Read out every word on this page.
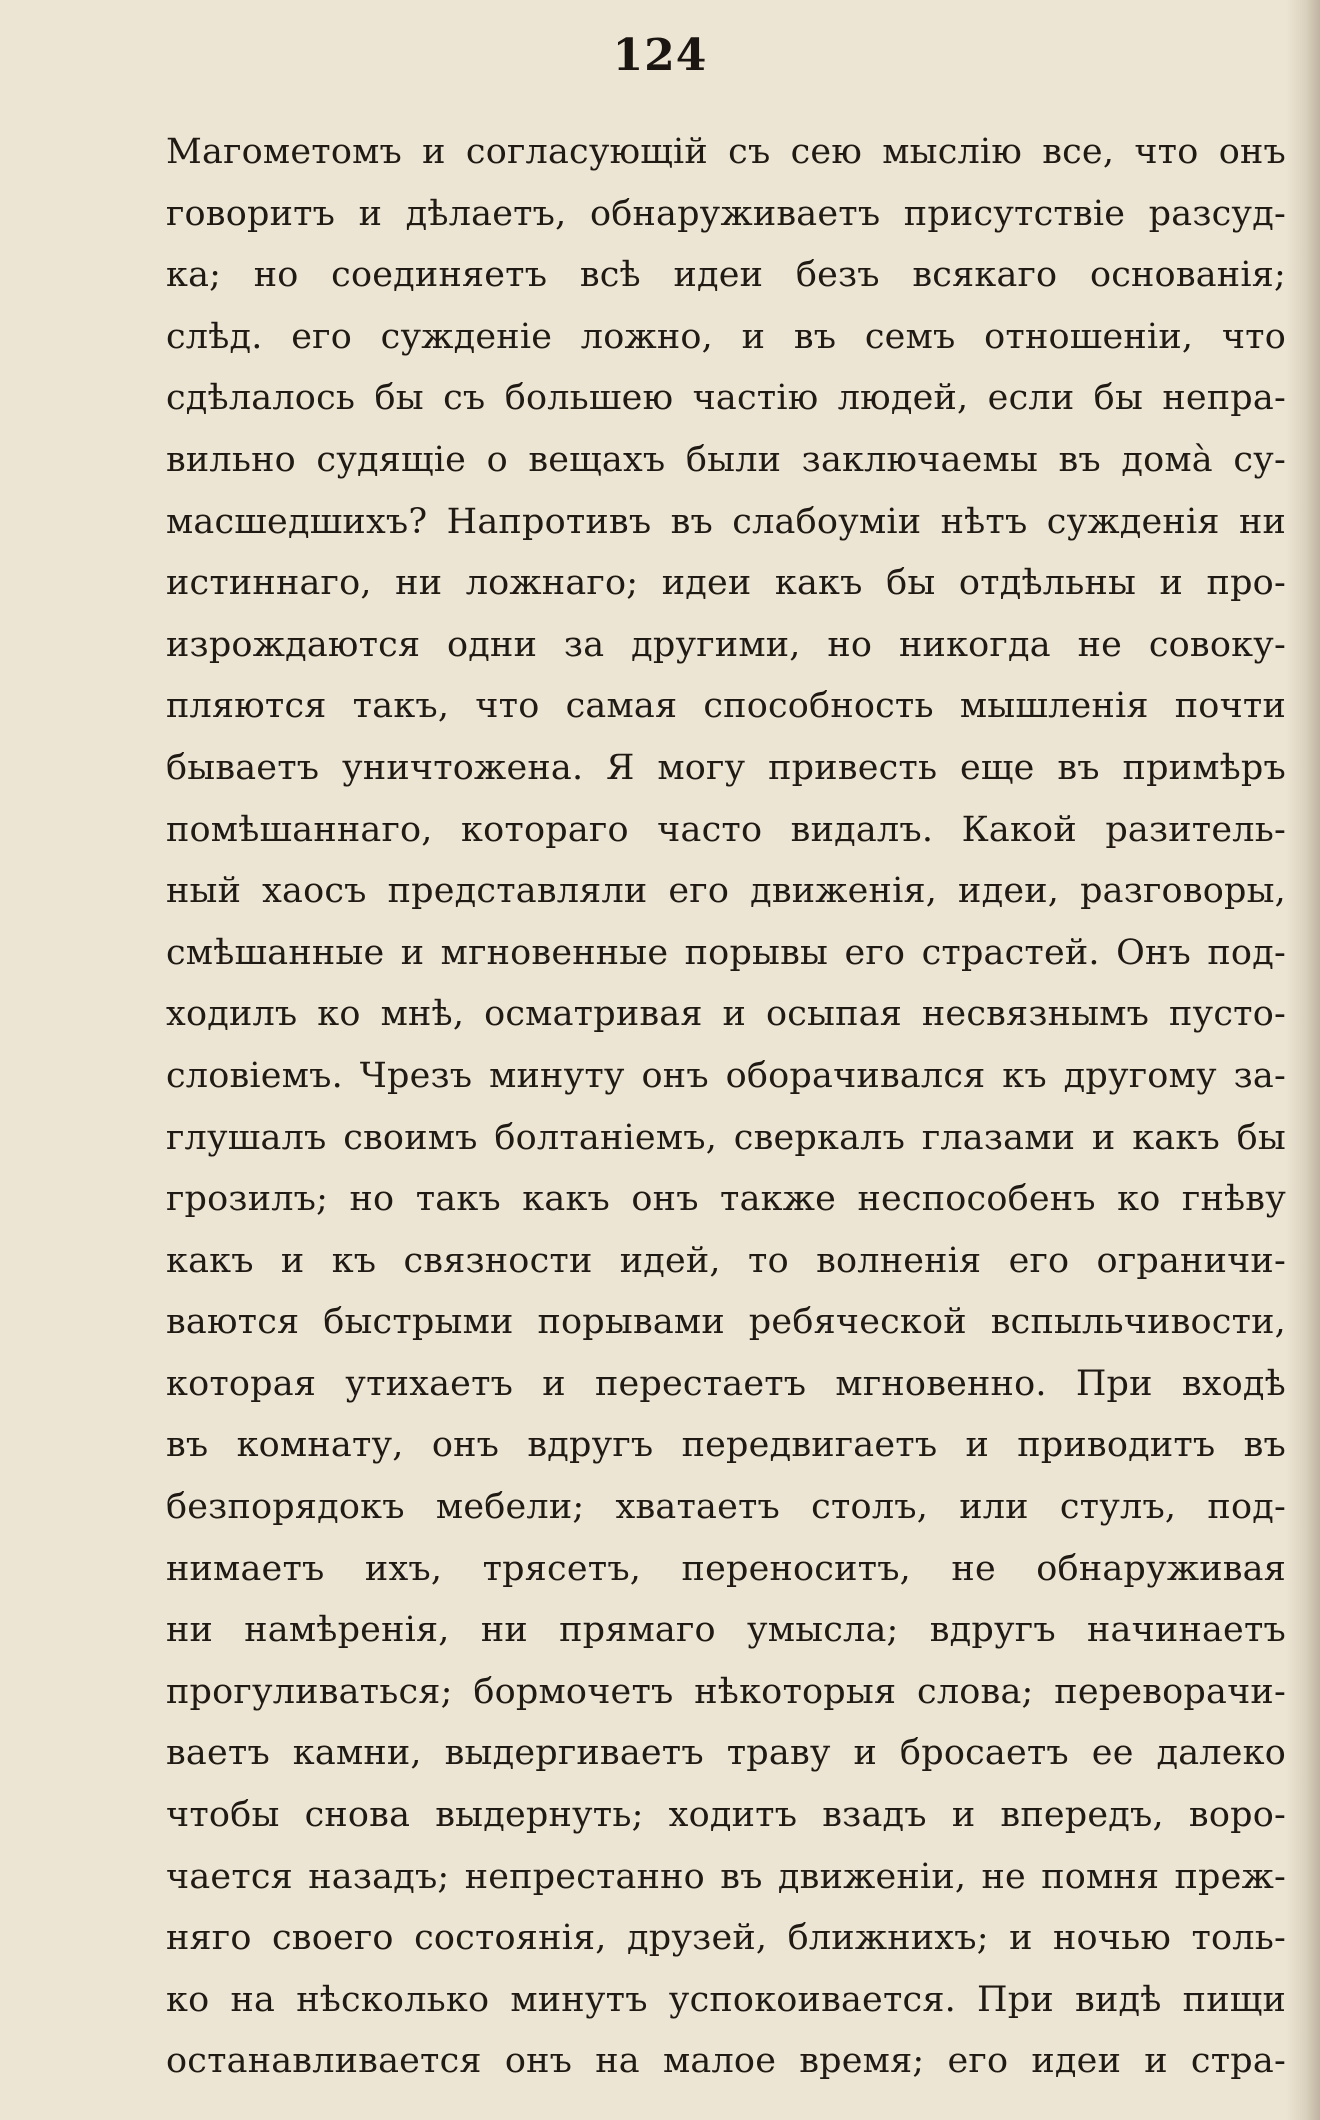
124
Магометомъ и согласующій съ сею мыслію все, что онъ
говоритъ и дѣлаетъ, обнаруживаетъ присутствіе разсуд-
ка; но соединяетъ всѣ идеи безъ всякаго основанія;
слѣд. его сужденіе ложно, и въ семъ отношеніи, что
сдѣлалось бы съ большею частію людей, если бы непра-
вильно судящіе о вещахъ были заключаемы въ домà су-
масшедшихъ? Напротивъ въ слабоуміи нѣтъ сужденія ни
истиннаго, ни ложнаго; идеи какъ бы отдѣльны и про-
изрождаются одни за другими, но никогда не совоку-
пляются такъ, что самая способность мышленія почти
бываетъ уничтожена. Я могу привесть еще въ примѣръ
помѣшаннаго, котораго часто видалъ. Какой разитель-
ный хаосъ представляли его движенія, идеи, разговоры,
смѣшанные и мгновенные порывы его страстей. Онъ под-
ходилъ ко мнѣ, осматривая и осыпая несвязнымъ пусто-
словіемъ. Чрезъ минуту онъ оборачивался къ другому за-
глушалъ своимъ болтаніемъ, сверкалъ глазами и какъ бы
грозилъ; но такъ какъ онъ также неспособенъ ко гнѣву
какъ и къ связности идей, то волненія его ограничи-
ваются быстрыми порывами ребяческой вспыльчивости,
которая утихаетъ и перестаетъ мгновенно. При входѣ
въ комнату, онъ вдругъ передвигаетъ и приводитъ въ
безпорядокъ мебели; хватаетъ столъ, или стулъ, под-
нимаетъ ихъ, трясетъ, переноситъ, не обнаруживая
ни намѣренія, ни прямаго умысла; вдругъ начинаетъ
прогуливаться; бормочетъ нѣкоторыя слова; переворачи-
ваетъ камни, выдергиваетъ траву и бросаетъ ее далеко
чтобы снова выдернуть; ходитъ взадъ и впередъ, воро-
чается назадъ; непрестанно въ движеніи, не помня преж-
няго своего состоянія, друзей, ближнихъ; и ночью толь-
ко на нѣсколько минутъ успокоивается. При видѣ пищи
останавливается онъ на малое время; его идеи и стра-
